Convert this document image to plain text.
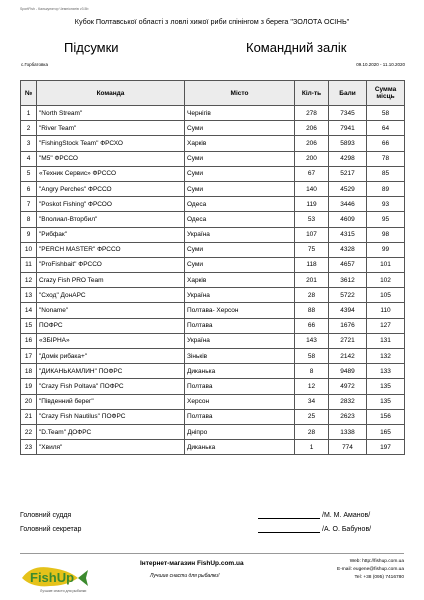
SportFish - Калькулятор Чемпіонатів v3.5b
Кубок Полтавської області з ловлі хижої риби спінінгом з берега "ЗОЛОТА ОСІНЬ"
Підсумки	Командний залік
с.Горбатовка	09.10.2020 - 11.10.2020
№	Команда	Місто	Кіл-ть	Бали	Сумма місць
1	"North Stream"	Чернігів	278	7345	58
2	"River Team"	Суми	206	7941	64
3	"FishingStock Team" ФРСХО	Харків	206	5893	66
4	"M5" ФРССО	Суми	200	4298	78
5	«Техник Сервис» ФРССО	Суми	67	5217	85
6	"Angry Perches" ФРССО	Суми	140	4529	89
7	"Poskot Fishing" ФРСОО	Одеса	119	3446	93
8	"Вполиал-Вторбил"	Одеса	53	4609	95
9	"Рибфак"	Україна	107	4315	98
10	"PERCH MASTER" ФРССО	Суми	75	4328	99
11	"ProFishbait" ФРССО	Суми	118	4657	101
12	Crazy Fish PRO Team	Харків	201	3612	102
13	"Сход" ДонАРС	Україна	28	5722	105
14	"Noname"	Полтава- Херсон	88	4394	110
15	ПОФРС	Полтава	66	1676	127
16	«ЗБІРНА»	Україна	143	2721	131
17	"Домік рибака+"	Зіньків	58	2142	132
18	"ДИКАНЬКАМЛИН" ПОФРС	Диканька	8	9489	133
19	"Crazy Fish Poltava" ПОФРС	Полтава	12	4972	135
20	"Південний берег"	Херсон	34	2832	135
21	"Crazy Fish Nautilus" ПОФРС	Полтава	25	2623	156
22	"D.Team" ДОФРС	Дніпро	28	1338	165
23	"Хвиля"	Диканька	1	774	197
Головний суддя
Головний секретар
/М. М. Аманов/
/А. О. Бабунов/
FishUp
Лучшие снасти для рыбалки
Інтернет-магазин FishUp.com.ua
Лучшие снасти для рыбалки!
Web: http://fishup.com.ua
E-mail: eugene@fishup.com.ua
Tel: +38 (095) 7416780
